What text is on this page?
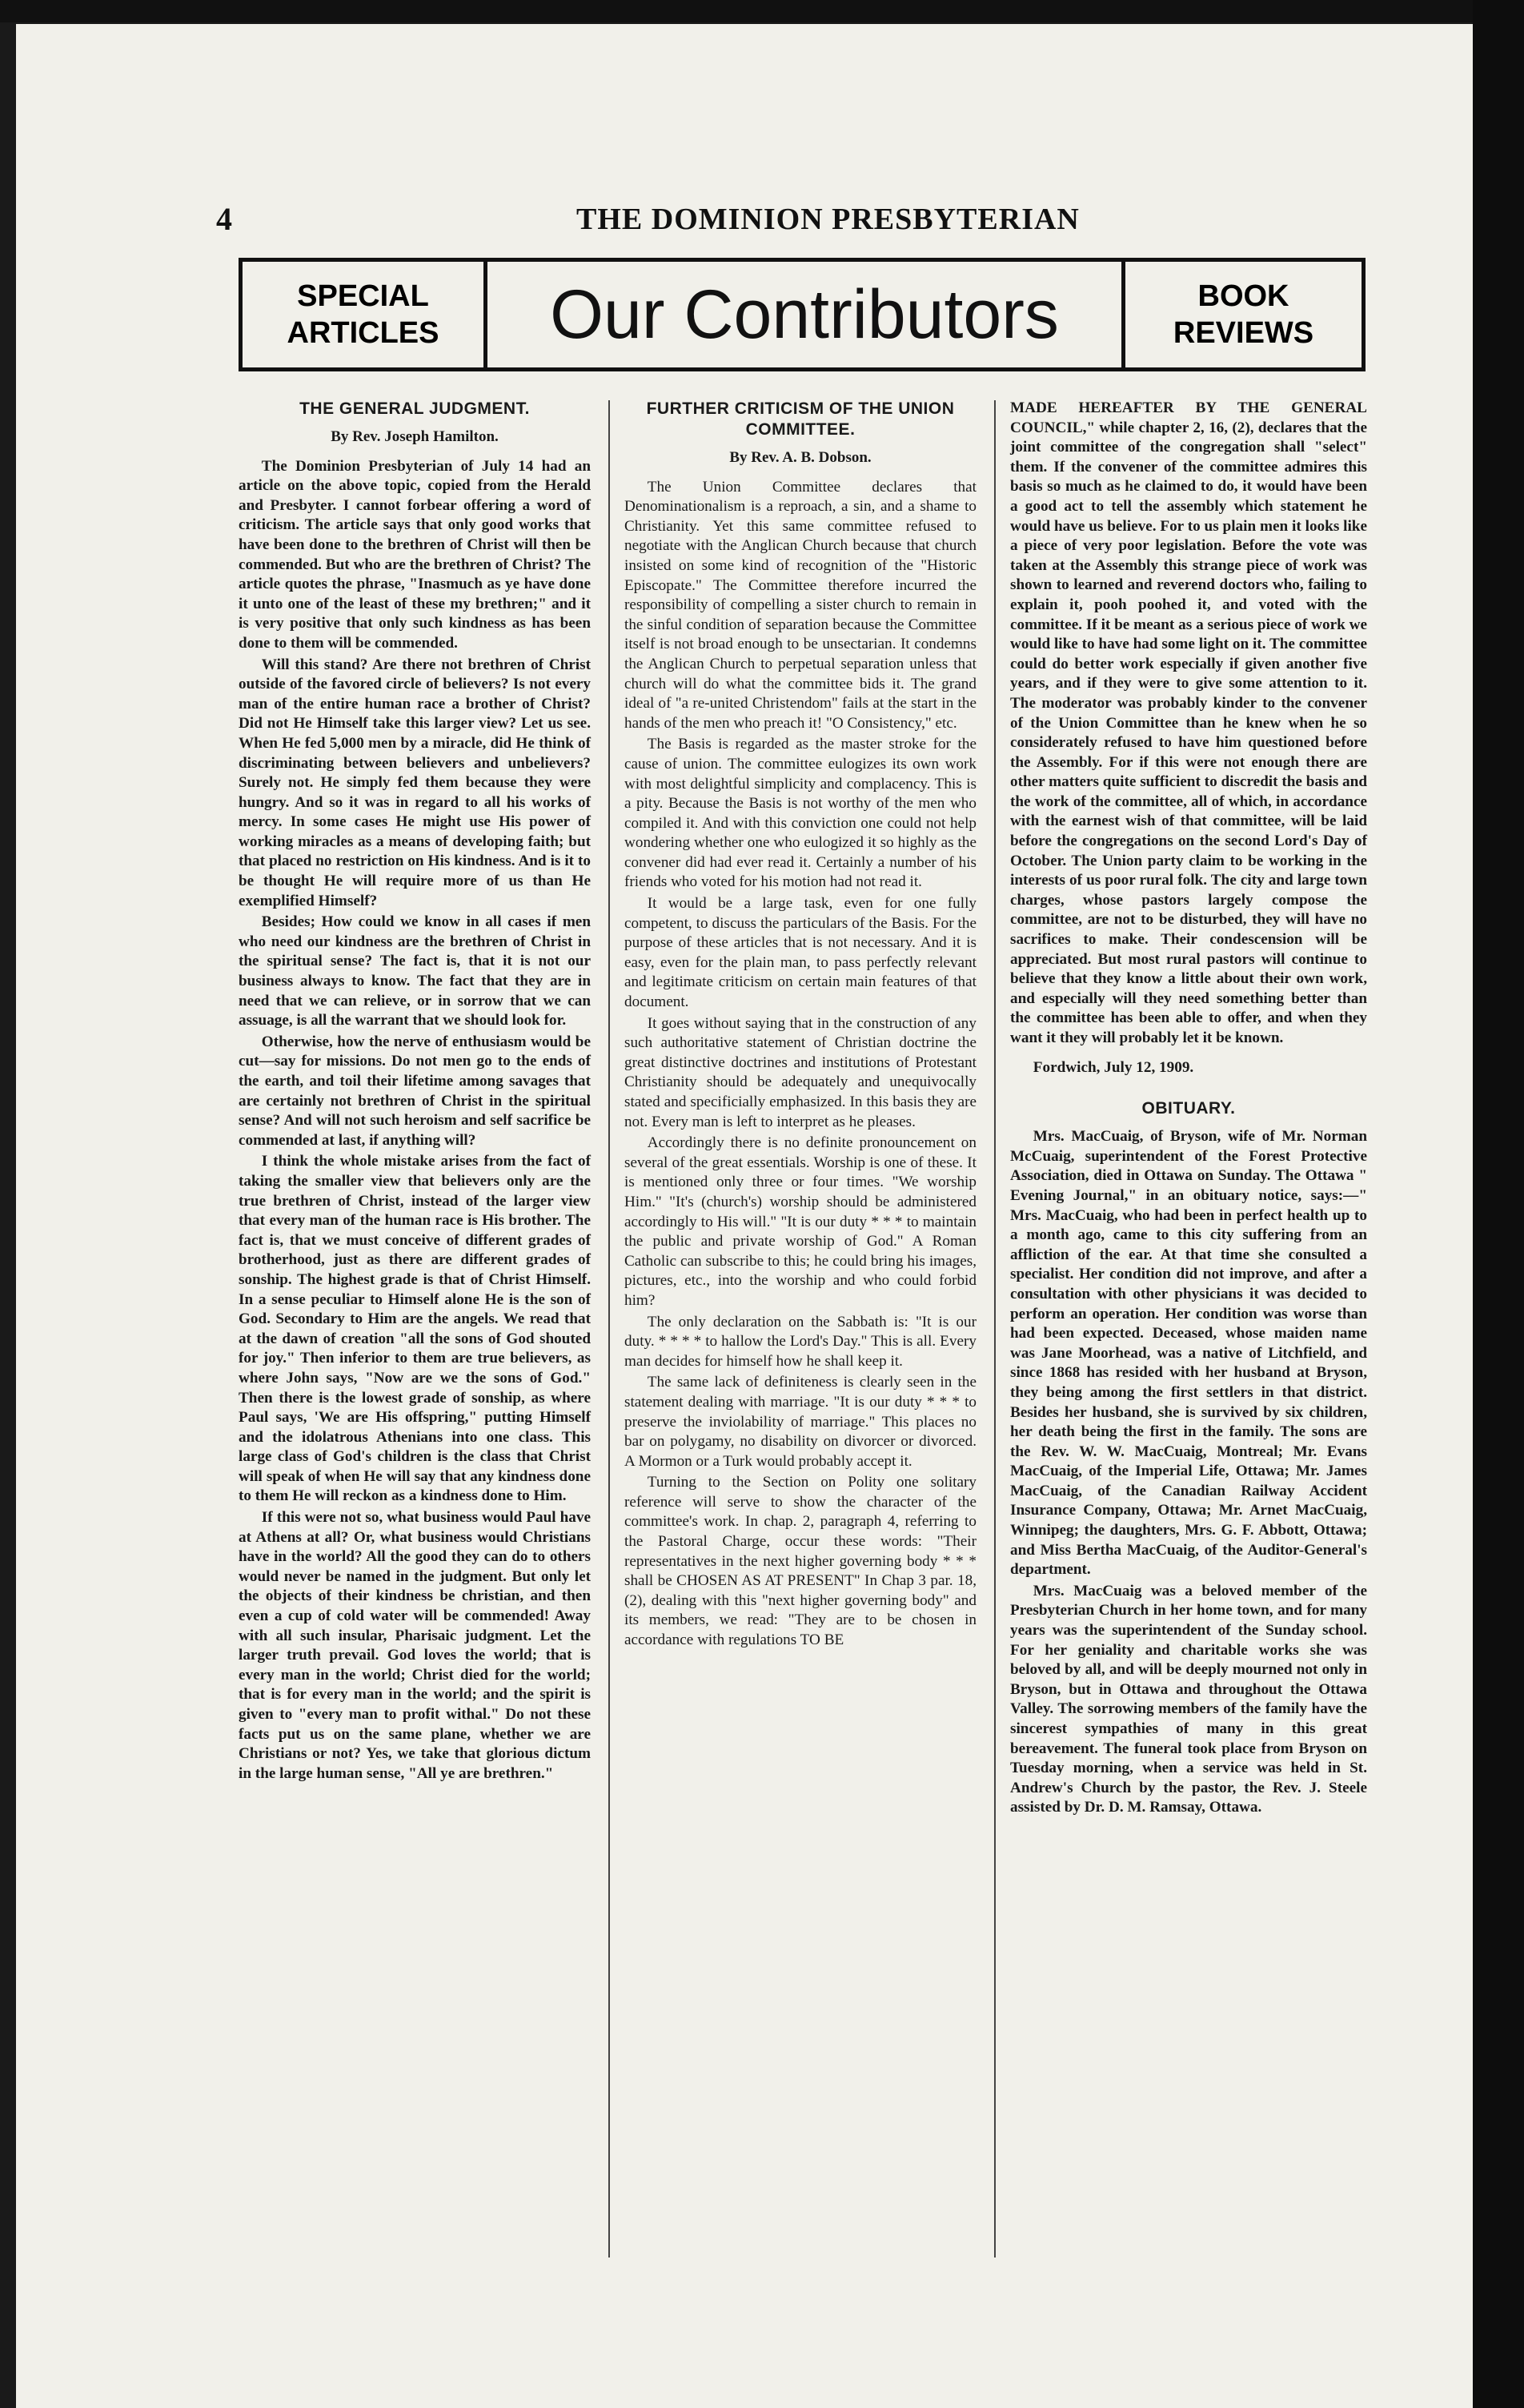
4	THE DOMINION PRESBYTERIAN
SPECIAL
ARTICLES	Our Contributors	BOOK
REVIEWS
THE GENERAL JUDGMENT.
By Rev. Joseph Hamilton.

The Dominion Presbyterian of July 14 had an article on the above topic, copied from the Herald and Presbyter. I cannot forbear offering a word of criticism. The article says that only good works that have been done to the brethren of Christ will then be commended. But who are the brethren of Christ? The article quotes the phrase, "Inasmuch as ye have done it unto one of the least of these my brethren;" and it is very positive that only such kindness as has been done to them will be commended.

Will this stand? Are there not brethren of Christ outside of the favored circle of believers? Is not every man of the entire human race a brother of Christ? Did not He Himself take this larger view? Let us see. When He fed 5,000 men by a miracle, did He think of discriminating between believers and unbelievers? Surely not. He simply fed them because they were hungry. And so it was in regard to all his works of mercy. In some cases He might use His power of working miracles as a means of developing faith; but that placed no restriction on His kindness. And is it to be thought He will require more of us than He exemplified Himself?

Besides; How could we know in all cases if men who need our kindness are the brethren of Christ in the spiritual sense? The fact is, that it is not our business always to know. The fact that they are in need that we can relieve, or in sorrow that we can assuage, is all the warrant that we should look for.

Otherwise, how the nerve of enthusiasm would be cut—say for missions. Do not men go to the ends of the earth, and toil their lifetime among savages that are certainly not brethren of Christ in the spiritual sense? And will not such heroism and self sacrifice be commended at last, if anything will?

I think the whole mistake arises from the fact of taking the smaller view that believers only are the true brethren of Christ, instead of the larger view that every man of the human race is His brother. The fact is, that we must conceive of different grades of brotherhood, just as there are different grades of sonship. The highest grade is that of Christ Himself. In a sense peculiar to Himself alone He is the son of God. Secondary to Him are the angels. We read that at the dawn of creation "all the sons of God shouted for joy." Then inferior to them are true believers, as where John says, "Now are we the sons of God." Then there is the lowest grade of sonship, as where Paul says, 'We are His offspring," putting Himself and the idolatrous Athenians into one class. This large class of God's children is the class that Christ will speak of when He will say that any kindness done to them He will reckon as a kindness done to Him.

If this were not so, what business would Paul have at Athens at all? Or, what business would Christians have in the world? All the good they can do to others would never be named in the judgment. But only let the objects of their kindness be christian, and then even a cup of cold water will be commended! Away with all such insular, Pharisaic judgment. Let the larger truth prevail. God loves the world; that is every man in the world; Christ died for the world; that is for every man in the world; and the spirit is given to "every man to profit withal." Do not these facts put us on the same plane, whether we are Christians or not? Yes, we take that glorious dictum in the large human sense, "All ye are brethren."

FURTHER CRITICISM OF THE UNION COMMITTEE.
By Rev. A. B. Dobson.

The Union Committee declares that Denominationalism is a reproach, a sin, and a shame to Christianity. Yet this same committee refused to negotiate with the Anglican Church because that church insisted on some kind of recognition of the "Historic Episcopate." The Committee therefore incurred the responsibility of compelling a sister church to remain in the sinful condition of separation because the Committee itself is not broad enough to be unsectarian. It condemns the Anglican Church to perpetual separation unless that church will do what the committee bids it. The grand ideal of "a re-united Christendom" fails at the start in the hands of the men who preach it! "O Consistency," etc.

The Basis is regarded as the master stroke for the cause of union. The committee eulogizes its own work with most delightful simplicity and complacency. This is a pity. Because the Basis is not worthy of the men who compiled it. And with this conviction one could not help wondering whether one who eulogized it so highly as the convener did had ever read it. Certainly a number of his friends who voted for his motion had not read it.

It would be a large task, even for one fully competent, to discuss the particulars of the Basis. For the purpose of these articles that is not necessary. And it is easy, even for the plain man, to pass perfectly relevant and legitimate criticism on certain main features of that document.

It goes without saying that in the construction of any such authoritative statement of Christian doctrine the great distinctive doctrines and institutions of Protestant Christianity should be adequately and unequivocally stated and specificially emphasized. In this basis they are not. Every man is left to interpret as he pleases.

Accordingly there is no definite pronouncement on several of the great essentials. Worship is one of these. It is mentioned only three or four times. "We worship Him." "It's (church's) worship should be administered accordingly to His will." "It is our duty * * * to maintain the public and private worship of God." A Roman Catholic can subscribe to this; he could bring his images, pictures, etc., into the worship and who could forbid him?

The only declaration on the Sabbath is: "It is our duty. * * * * to hallow the Lord's Day." This is all. Every man decides for himself how he shall keep it.

The same lack of definiteness is clearly seen in the statement dealing with marriage. "It is our duty * * * to preserve the inviolability of marriage." This places no bar on polygamy, no disability on divorcer or divorced. A Mormon or a Turk would probably accept it.

Turning to the Section on Polity one solitary reference will serve to show the character of the committee's work. In chap. 2, paragraph 4, referring to the Pastoral Charge, occur these words: "Their representatives in the next higher governing body * * * shall be CHOSEN AS AT PRESENT" In Chap 3 par. 18, (2), dealing with this "next higher governing body" and its members, we read: "They are to be chosen in accordance with regulations TO BE

MADE HEREAFTER BY THE GENERAL COUNCIL," while chapter 2, 16, (2), declares that the joint committee of the congregation shall "select" them. If the convener of the committee admires this basis so much as he claimed to do, it would have been a good act to tell the assembly which statement he would have us believe. For to us plain men it looks like a piece of very poor legislation. Before the vote was taken at the Assembly this strange piece of work was shown to learned and reverend doctors who, failing to explain it, pooh poohed it, and voted with the committee. If it be meant as a serious piece of work we would like to have had some light on it. The committee could do better work especially if given another five years, and if they were to give some attention to it. The moderator was probably kinder to the convener of the Union Committee than he knew when he so considerately refused to have him questioned before the Assembly. For if this were not enough there are other matters quite sufficient to discredit the basis and the work of the committee, all of which, in accordance with the earnest wish of that committee, will be laid before the congregations on the second Lord's Day of October. The Union party claim to be working in the interests of us poor rural folk. The city and large town charges, whose pastors largely compose the committee, are not to be disturbed, they will have no sacrifices to make. Their condescension will be appreciated. But most rural pastors will continue to believe that they know a little about their own work, and especially will they need something better than the committee has been able to offer, and when they want it they will probably let it be known.

Fordwich, July 12, 1909.

OBITUARY.

Mrs. MacCuaig, of Bryson, wife of Mr. Norman McCuaig, superintendent of the Forest Protective Association, died in Ottawa on Sunday. The Ottawa " Evening Journal," in an obituary notice, says:—" Mrs. MacCuaig, who had been in perfect health up to a month ago, came to this city suffering from an affliction of the ear. At that time she consulted a specialist. Her condition did not improve, and after a consultation with other physicians it was decided to perform an operation. Her condition was worse than had been expected. Deceased, whose maiden name was Jane Moorhead, was a native of Litchfield, and since 1868 has resided with her husband at Bryson, they being among the first settlers in that district. Besides her husband, she is survived by six children, her death being the first in the family. The sons are the Rev. W. W. MacCuaig, Montreal; Mr. Evans MacCuaig, of the Imperial Life, Ottawa; Mr. James MacCuaig, of the Canadian Railway Accident Insurance Company, Ottawa; Mr. Arnet MacCuaig, Winnipeg; the daughters, Mrs. G. F. Abbott, Ottawa; and Miss Bertha MacCuaig, of the Auditor-General's department.

Mrs. MacCuaig was a beloved member of the Presbyterian Church in her home town, and for many years was the superintendent of the Sunday school. For her geniality and charitable works she was beloved by all, and will be deeply mourned not only in Bryson, but in Ottawa and throughout the Ottawa Valley. The sorrowing members of the family have the sincerest sympathies of many in this great bereavement. The funeral took place from Bryson on Tuesday morning, when a service was held in St. Andrew's Church by the pastor, the Rev. J. Steele assisted by Dr. D. M. Ramsay, Ottawa.
